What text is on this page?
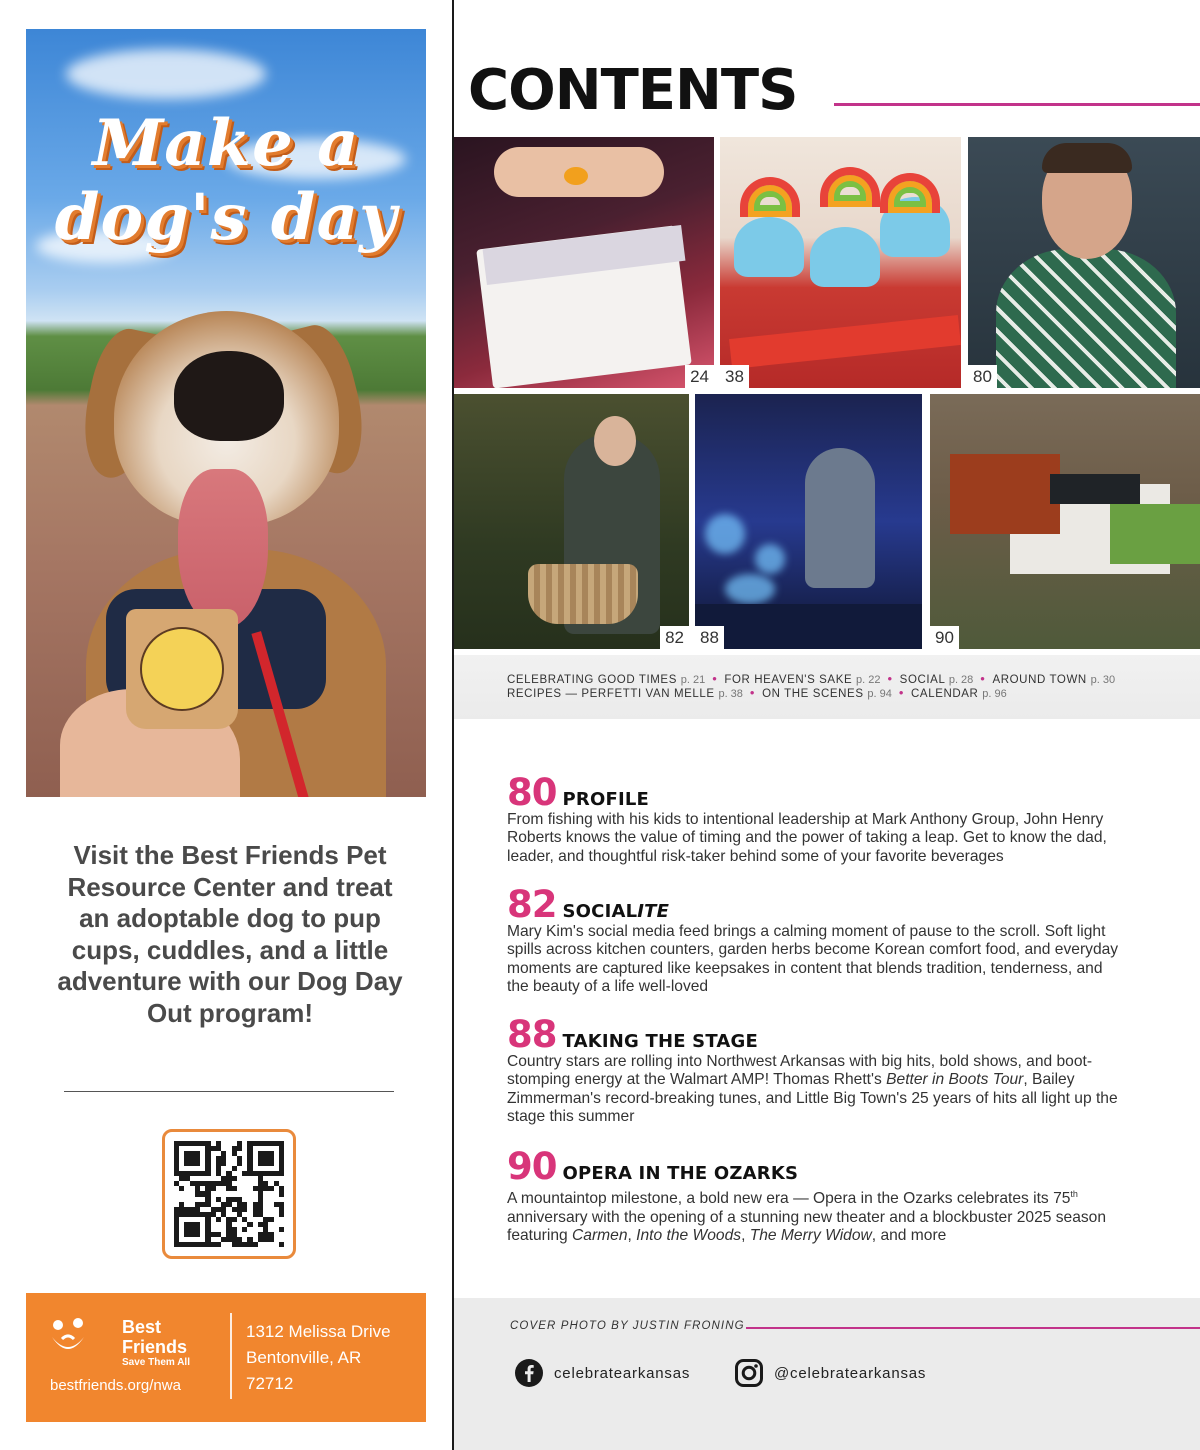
Make a
dog's day
Visit the Best Friends Pet Resource Center and treat an adoptable dog to pup cups, cuddles, and a little adventure with our Dog Day Out program!
Best
Friends
Save Them All
bestfriends.org/nwa
1312 Melissa Drive
Bentonville, AR
72712
CONTENTS
24 38	80
82 88	90
CELEBRATING GOOD TIMES p. 21 • FOR HEAVEN'S SAKE p. 22 • SOCIAL p. 28 • AROUND TOWN p. 30
RECIPES — PERFETTI VAN MELLE p. 38 • ON THE SCENES p. 94 • CALENDAR p. 96
80 PROFILE
From fishing with his kids to intentional leadership at Mark Anthony Group, John Henry Roberts knows the value of timing and the power of taking a leap. Get to know the dad, leader, and thoughtful risk-taker behind some of your favorite beverages
82 SOCIALITE
Mary Kim's social media feed brings a calming moment of pause to the scroll. Soft light spills across kitchen counters, garden herbs become Korean comfort food, and everyday moments are captured like keepsakes in content that blends tradition, tenderness, and the beauty of a life well-loved
88 TAKING THE STAGE
Country stars are rolling into Northwest Arkansas with big hits, bold shows, and boot-stomping energy at the Walmart AMP! Thomas Rhett's Better in Boots Tour, Bailey Zimmerman's record-breaking tunes, and Little Big Town's 25 years of hits all light up the stage this summer
90 OPERA IN THE OZARKS
A mountaintop milestone, a bold new era — Opera in the Ozarks celebrates its 75th anniversary with the opening of a stunning new theater and a blockbuster 2025 season featuring Carmen, Into the Woods, The Merry Widow, and more
COVER PHOTO BY JUSTIN FRONING
celebratearkansas	@celebratearkansas
